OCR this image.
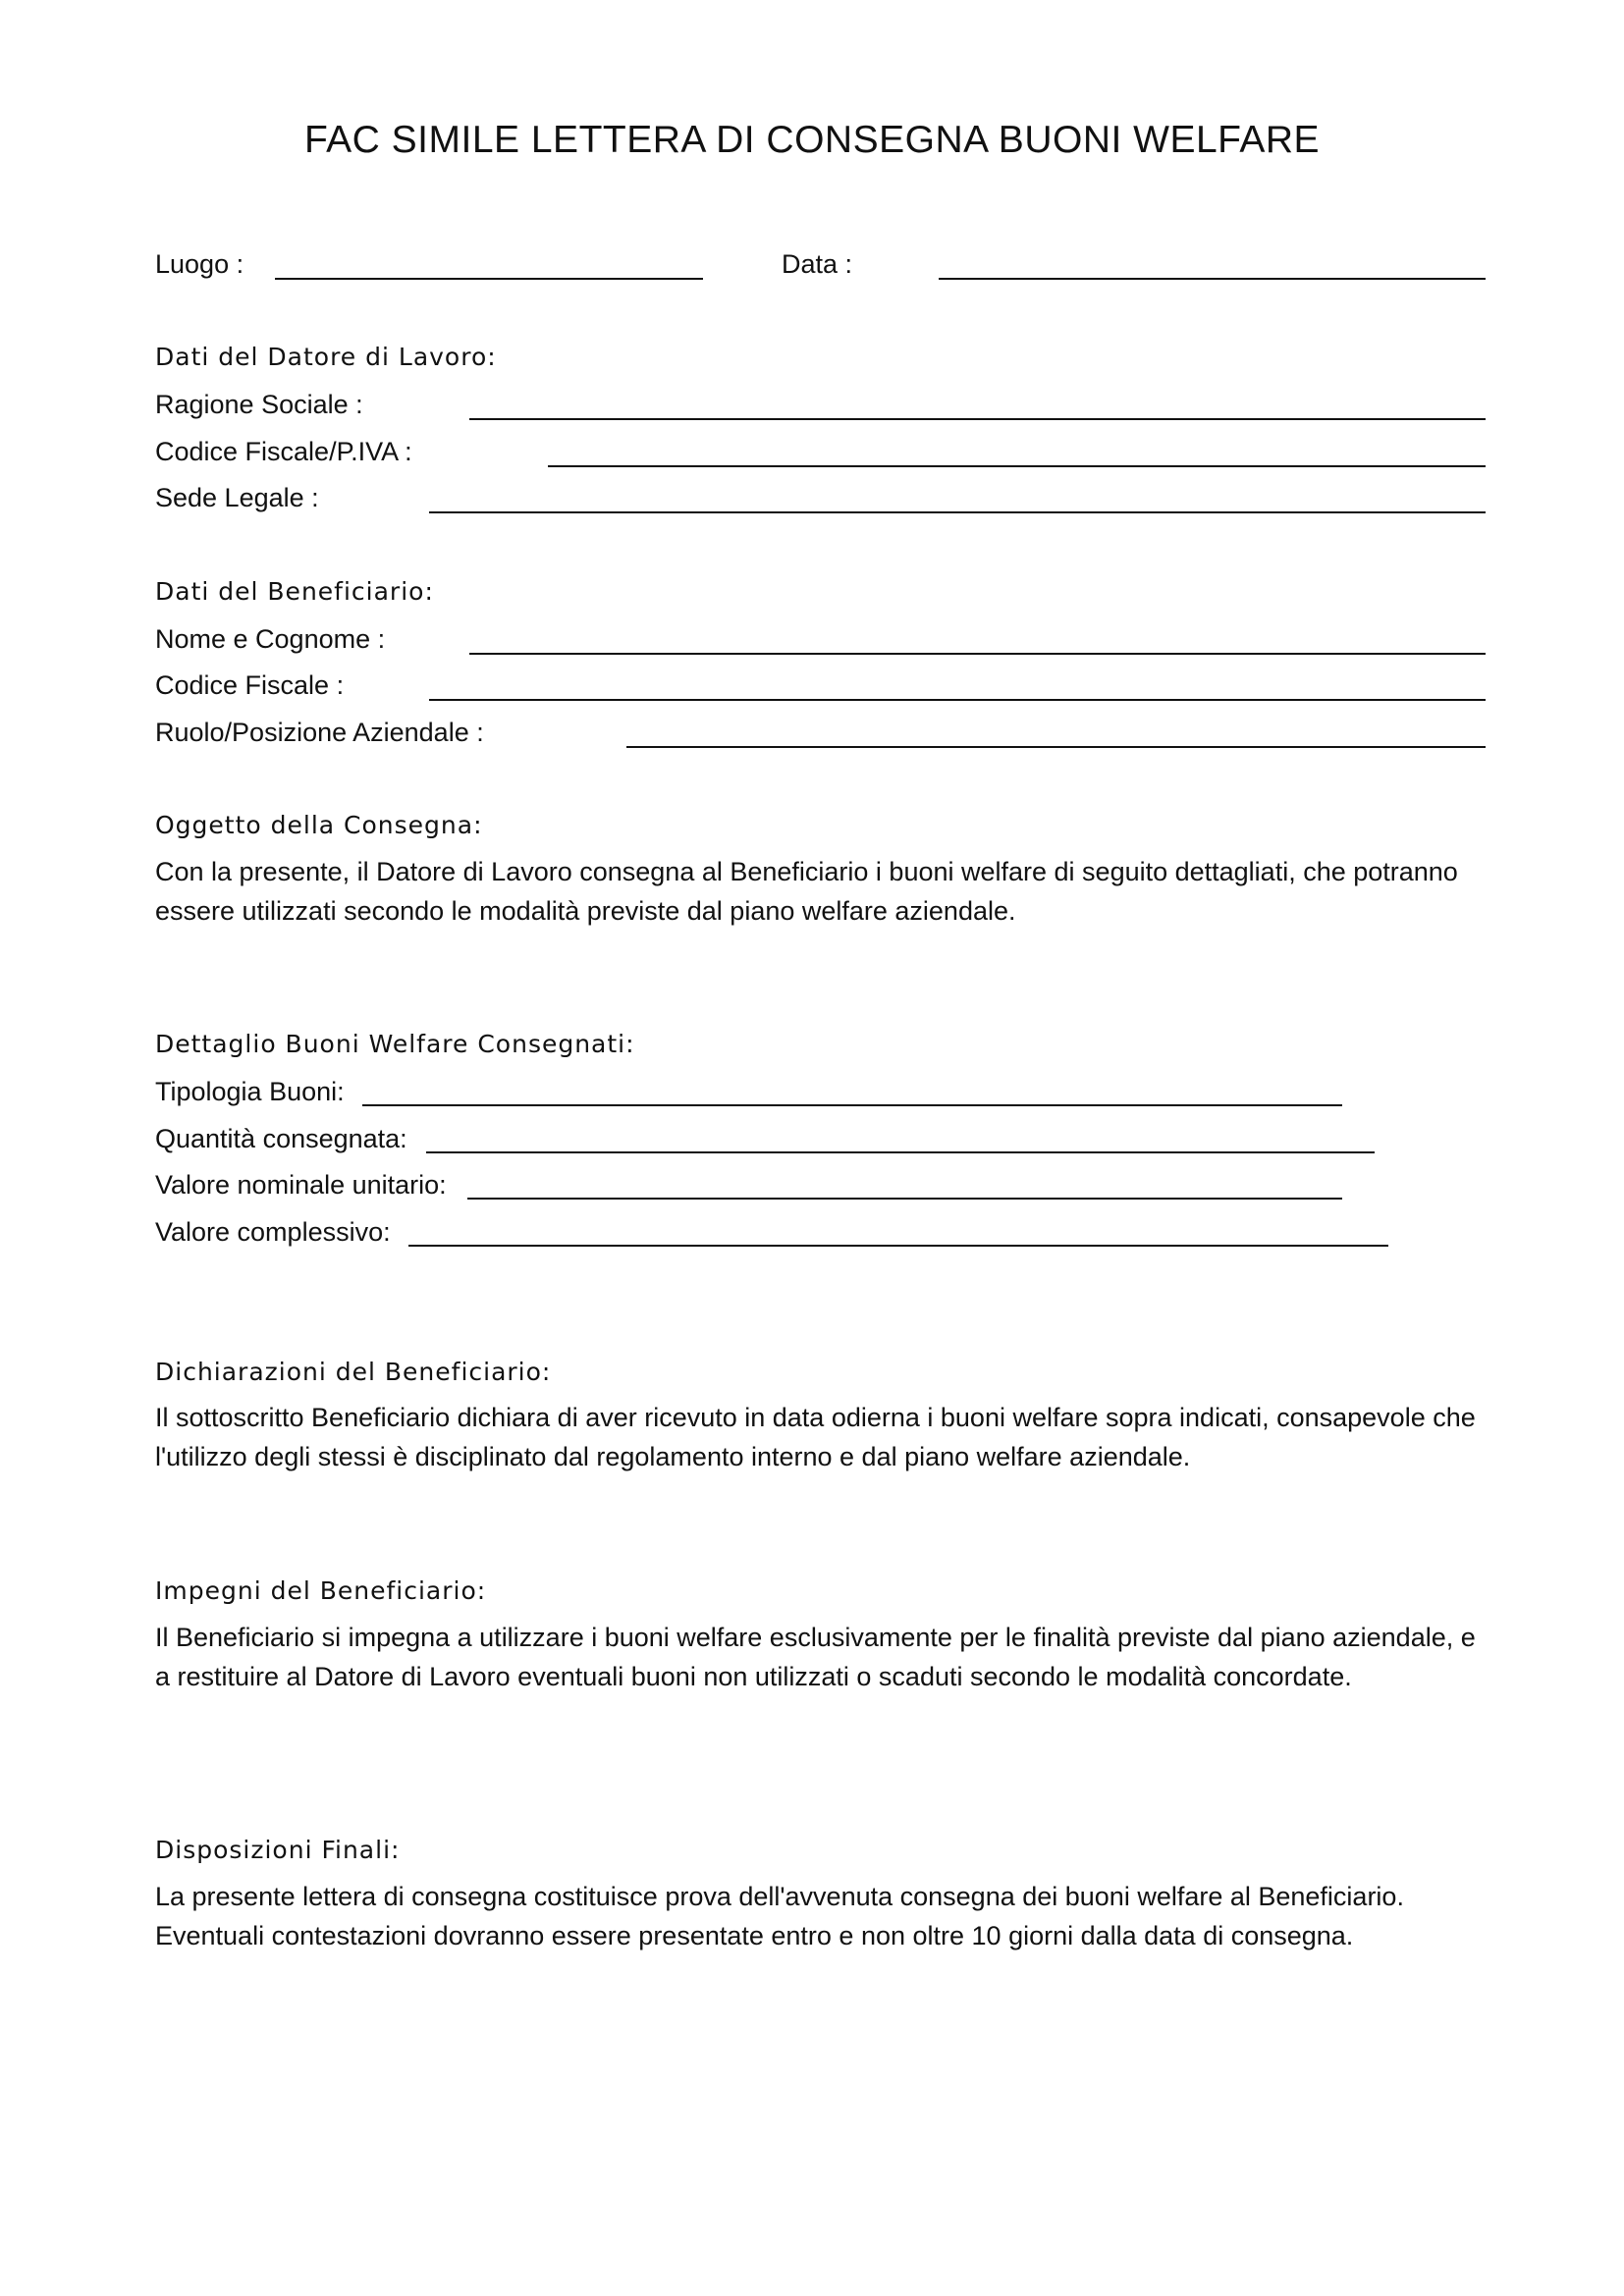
FAC SIMILE LETTERA DI CONSEGNA BUONI WELFARE
Luogo :	Data :
Dati del Datore di Lavoro:
Ragione Sociale :
Codice Fiscale/P.IVA :
Sede Legale :
Dati del Beneficiario:
Nome e Cognome :
Codice Fiscale :
Ruolo/Posizione Aziendale :
Oggetto della Consegna:
Con la presente, il Datore di Lavoro consegna al Beneficiario i buoni welfare di seguito dettagliati, che potranno essere utilizzati secondo le modalità previste dal piano welfare aziendale.
Dettaglio Buoni Welfare Consegnati:
Tipologia Buoni:
Quantità consegnata:
Valore nominale unitario:
Valore complessivo:
Dichiarazioni del Beneficiario:
Il sottoscritto Beneficiario dichiara di aver ricevuto in data odierna i buoni welfare sopra indicati, consapevole che l'utilizzo degli stessi è disciplinato dal regolamento interno e dal piano welfare aziendale.
Impegni del Beneficiario:
Il Beneficiario si impegna a utilizzare i buoni welfare esclusivamente per le finalità previste dal piano aziendale, e a restituire al Datore di Lavoro eventuali buoni non utilizzati o scaduti secondo le modalità concordate.
Disposizioni Finali:
La presente lettera di consegna costituisce prova dell'avvenuta consegna dei buoni welfare al Beneficiario. Eventuali contestazioni dovranno essere presentate entro e non oltre 10 giorni dalla data di consegna.
